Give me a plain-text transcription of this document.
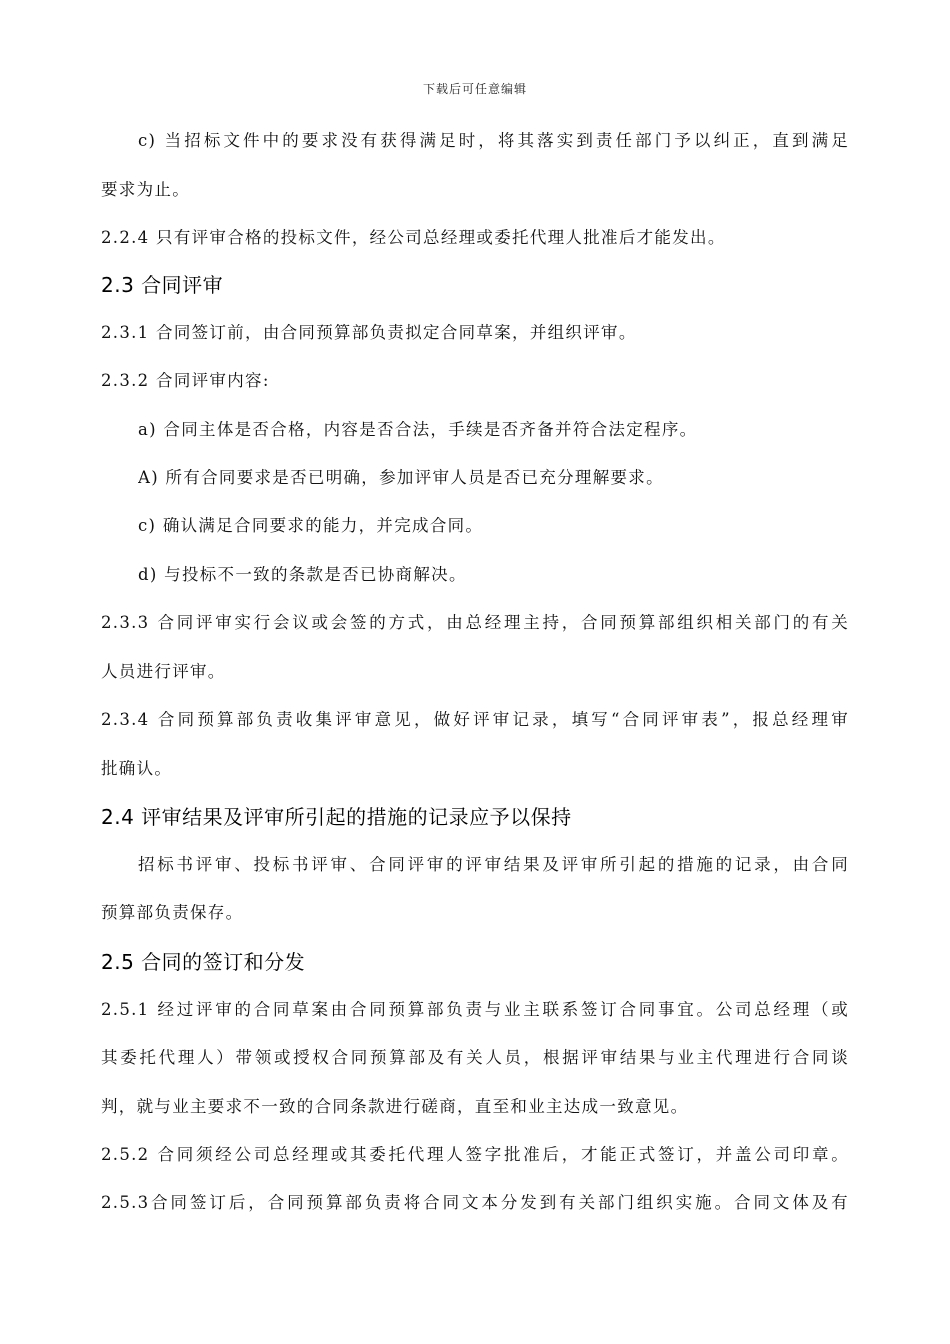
下载后可任意编辑
c) 当招标文件中的要求没有获得满足时，将其落实到责任部门予以纠正，直到满足
要求为止。
2.2.4 只有评审合格的投标文件，经公司总经理或委托代理人批准后才能发出。
2.3 合同评审
2.3.1 合同签订前，由合同预算部负责拟定合同草案，并组织评审。
2.3.2 合同评审内容:
a) 合同主体是否合格，内容是否合法，手续是否齐备并符合法定程序。
A) 所有合同要求是否已明确，参加评审人员是否已充分理解要求。
c) 确认满足合同要求的能力，并完成合同。
d) 与投标不一致的条款是否已协商解决。
2.3.3 合同评审实行会议或会签的方式，由总经理主持，合同预算部组织相关部门的有关
人员进行评审。
2.3.4 合同预算部负责收集评审意见，做好评审记录，填写“合同评审表”，报总经理审
批确认。
2.4 评审结果及评审所引起的措施的记录应予以保持
招标书评审、投标书评审、合同评审的评审结果及评审所引起的措施的记录，由合同
预算部负责保存。
2.5 合同的签订和分发
2.5.1 经过评审的合同草案由合同预算部负责与业主联系签订合同事宜。公司总经理（或
其委托代理人）带领或授权合同预算部及有关人员，根据评审结果与业主代理进行合同谈
判，就与业主要求不一致的合同条款进行磋商，直至和业主达成一致意见。
2.5.2 合同须经公司总经理或其委托代理人签字批准后，才能正式签订，并盖公司印章。
2.5.3合同签订后，合同预算部负责将合同文本分发到有关部门组织实施。合同文体及有
